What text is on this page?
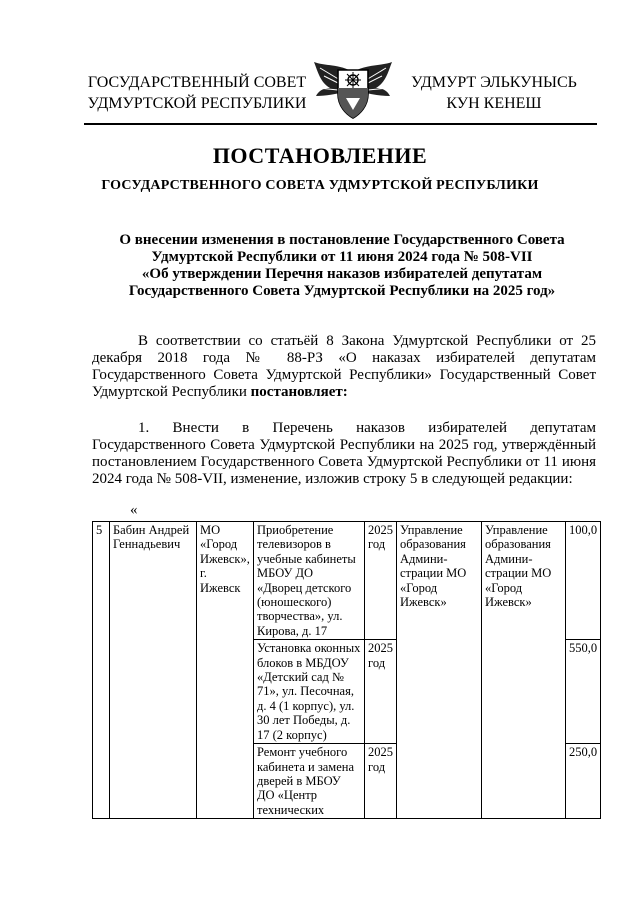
ГОСУДАРСТВЕННЫЙ СОВЕТ
УДМУРТСКОЙ РЕСПУБЛИКИ
УДМУРТ ЭЛЬКУНЫСЬ
КУН КЕНЕШ
ПОСТАНОВЛЕНИЕ
ГОСУДАРСТВЕННОГО СОВЕТА УДМУРТСКОЙ РЕСПУБЛИКИ
О внесении изменения в постановление Государственного Совета
Удмуртской Республики от 11 июня 2024 года № 508-VII
«Об утверждении Перечня наказов избирателей депутатам
Государственного Совета Удмуртской Республики на 2025 год»
В соответствии со статьёй 8 Закона Удмуртской Республики от 25 декабря 2018 года № 88-РЗ «О наказах избирателей депутатам Государственного Совета Удмуртской Республики» Государственный Совет Удмуртской Республики постановляет:
1. Внести в Перечень наказов избирателей депутатам Государственного Совета Удмуртской Республики на 2025 год, утверждённый постановлением Государственного Совета Удмуртской Республики от 11 июня 2024 года № 508-VII, изменение, изложив строку 5 в следующей редакции:
«
5	Бабин Андрей Геннадьевич	МО «Город Ижевск», г. Ижевск	Приобретение телевизоров в учебные кабинеты МБОУ ДО «Дворец детского (юношеского) творчества», ул. Кирова, д. 17	2025 год	Управление образования Админи-страции МО «Город Ижевск»	Управление образования Админи-страции МО «Город Ижевск»	100,0
			Установка оконных блоков в МБДОУ «Детский сад № 71», ул. Песочная, д. 4 (1 корпус), ул. 30 лет Победы, д. 17 (2 корпус)	2025 год			550,0
			Ремонт учебного кабинета и замена дверей в МБОУ ДО «Центр технических	2025 год			250,0
